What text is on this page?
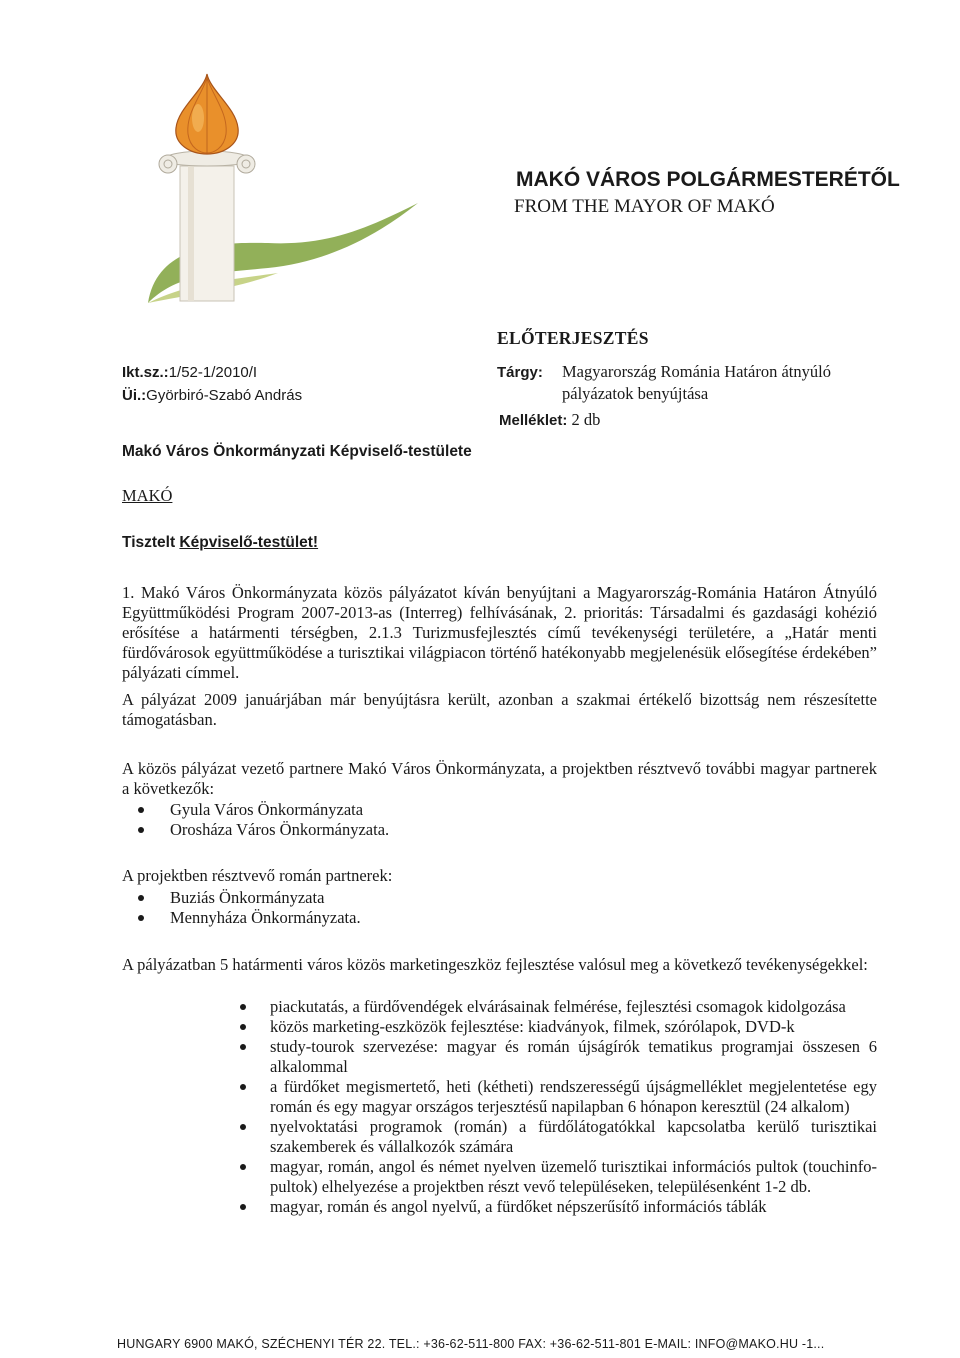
MAKÓ VÁROS POLGÁRMESTERÉTŐL
FROM THE MAYOR OF MAKÓ
ELŐTERJESZTÉS
Ikt.sz.:1/52-1/2010/I
Üi.:Györbiró-Szabó András
Tárgy: Magyarország Románia Határon átnyúló
pályázatok benyújtása
Melléklet: 2 db
Makó Város Önkormányzati Képviselő-testülete
MAKÓ
Tisztelt Képviselő-testület!
1. Makó Város Önkormányzata közös pályázatot kíván benyújtani a Magyarország-Románia Határon Átnyúló Együttműködési Program 2007-2013-as (Interreg) felhívásának, 2. prioritás: Társadalmi és gazdasági kohézió erősítése a határmenti térségben, 2.1.3 Turizmusfejlesztés című tevékenységi területére, a „Határ menti fürdővárosok együttműködése a turisztikai világpiacon történő hatékonyabb megjelenésük elősegítése érdekében” pályázati címmel.
A pályázat 2009 januárjában már benyújtásra került, azonban a szakmai értékelő bizottság nem részesítette támogatásban.
A közös pályázat vezető partnere Makó Város Önkormányzata, a projektben résztvevő további magyar partnerek a következők:
Gyula Város Önkormányzata
Orosháza Város Önkormányzata.
A projektben résztvevő román partnerek:
Buziás Önkormányzata
Mennyháza Önkormányzata.
A pályázatban 5 határmenti város közös marketingeszköz fejlesztése valósul meg a következő tevékenységekkel:
piackutatás, a fürdővendégek elvárásainak felmérése, fejlesztési csomagok kidolgozása
közös marketing-eszközök fejlesztése: kiadványok, filmek, szórólapok, DVD-k
study-tourok szervezése: magyar és román újságírók tematikus programjai összesen 6 alkalommal
a fürdőket megismertető, heti (kétheti) rendszerességű újságmelléklet megjelentetése egy román és egy magyar országos terjesztésű napilapban 6 hónapon keresztül (24 alkalom)
nyelvoktatási programok (román) a fürdőlátogatókkal kapcsolatba kerülő turisztikai szakemberek és vállalkozók számára
magyar, román, angol és német nyelven üzemelő turisztikai információs pultok (touchinfo-pultok) elhelyezése a projektben részt vevő településeken, településenként 1-2 db.
magyar, román és angol nyelvű, a fürdőket népszerűsítő információs táblák
HUNGARY 6900 MAKÓ, SZÉCHENYI TÉR 22. TEL.: +36-62-511-800 FAX: +36-62-511-801 E-MAIL: INFO@MAKO.HU -1...
